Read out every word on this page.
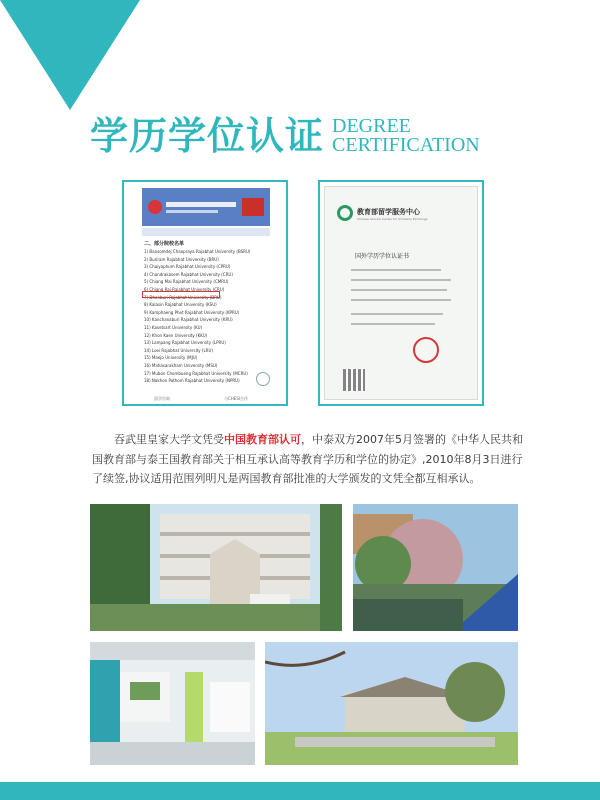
学历学位认证 DEGREE
CERTIFICATION
二、部分院校名单
1) Bansomdej Chaopraya Rajabhat University (BSRU)
2) Buriram Rajabhat University (BRU)
3) Chaiyaphum Rajabhat University (CPRU)
4) Chandrakasem Rajabhat University (CRU)
5) Chiang Mai Rajabhat University (CMRU)
6) Chiang Rai Rajabhat University (CRU)
7) Dhonburi Rajabhat University (DRU)
8) Kalasin Rajabhat University (KSU)
9) Kamphaeng Phet Rajabhat University (KPRU)
10) Kanchanaburi Rajabhat University (KRU)
11) Kasetsart University (KU)
12) Khon Kaen University (KKU)
13) Lampang Rajabhat University (LPRU)
14) Loei Rajabhat University (LRU)
15) Maejo University (MJU)
16) Mahasarakham University (MSU)
17) Mubon Chombueng Rajabhat University (MCRU)
18) Nakhon Pathom Rajabhat University (NPRU)
留学咨询	与CHESI合作
教育部留学服务中心
Chinese Service Center for Scholarly Exchange
国外学历学位认证书

吞武里皇家大学文凭受中国教育部认可，中泰双方2007年5月签署的《中华人民共和国教育部与泰王国教育部关于相互承认高等教育学历和学位的协定》,2010年8月3日进行了续签,协议适用范围列明凡是两国教育部批准的大学颁发的文凭全都互相承认。
